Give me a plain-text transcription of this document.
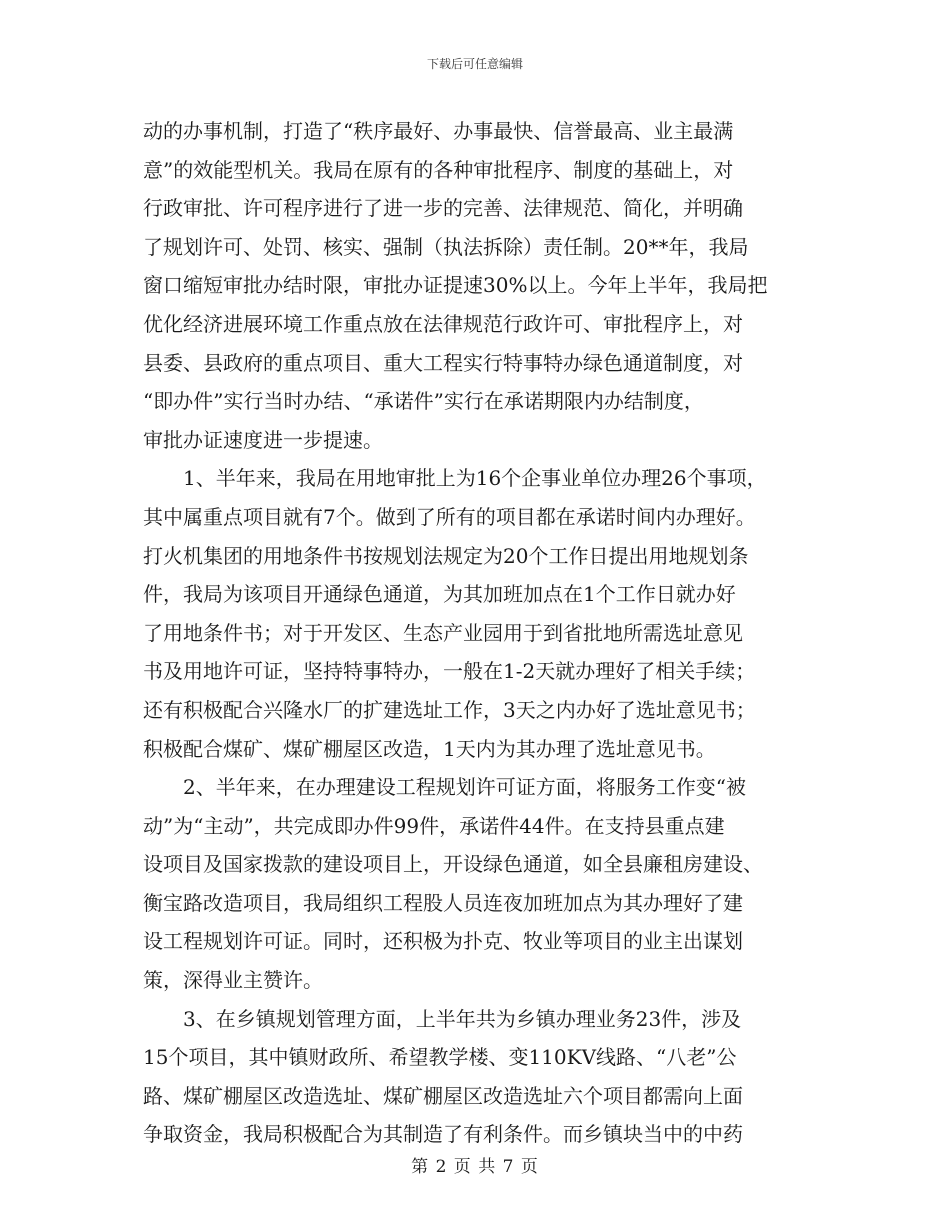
下载后可任意编辑
动的办事机制，打造了“秩序最好、办事最快、信誉最高、业主最满
意”的效能型机关。我局在原有的各种审批程序、制度的基础上，对
行政审批、许可程序进行了进一步的完善、法律规范、简化，并明确
了规划许可、处罚、核实、强制（执法拆除）责任制。20**年，我局
窗口缩短审批办结时限，审批办证提速30%以上。今年上半年，我局把
优化经济进展环境工作重点放在法律规范行政许可、审批程序上，对
县委、县政府的重点项目、重大工程实行特事特办绿色通道制度，对
“即办件”实行当时办结、“承诺件”实行在承诺期限内办结制度，
审批办证速度进一步提速。
　　1、半年来，我局在用地审批上为16个企事业单位办理26个事项，
其中属重点项目就有7个。做到了所有的项目都在承诺时间内办理好。
打火机集团的用地条件书按规划法规定为20个工作日提出用地规划条
件，我局为该项目开通绿色通道，为其加班加点在1个工作日就办好
了用地条件书；对于开发区、生态产业园用于到省批地所需选址意见
书及用地许可证，坚持特事特办，一般在1-2天就办理好了相关手续；
还有积极配合兴隆水厂的扩建选址工作，3天之内办好了选址意见书；
积极配合煤矿、煤矿棚屋区改造，1天内为其办理了选址意见书。
　　2、半年来，在办理建设工程规划许可证方面，将服务工作变“被
动”为“主动”，共完成即办件99件，承诺件44件。在支持县重点建
设项目及国家拨款的建设项目上，开设绿色通道，如全县廉租房建设、
衡宝路改造项目，我局组织工程股人员连夜加班加点为其办理好了建
设工程规划许可证。同时，还积极为扑克、牧业等项目的业主出谋划
策，深得业主赞许。
　　3、在乡镇规划管理方面，上半年共为乡镇办理业务23件，涉及
15个项目，其中镇财政所、希望教学楼、变110KV线路、“八老”公
路、煤矿棚屋区改造选址、煤矿棚屋区改造选址六个项目都需向上面
争取资金，我局积极配合为其制造了有利条件。而乡镇块当中的中药
第 2 页 共 7 页
